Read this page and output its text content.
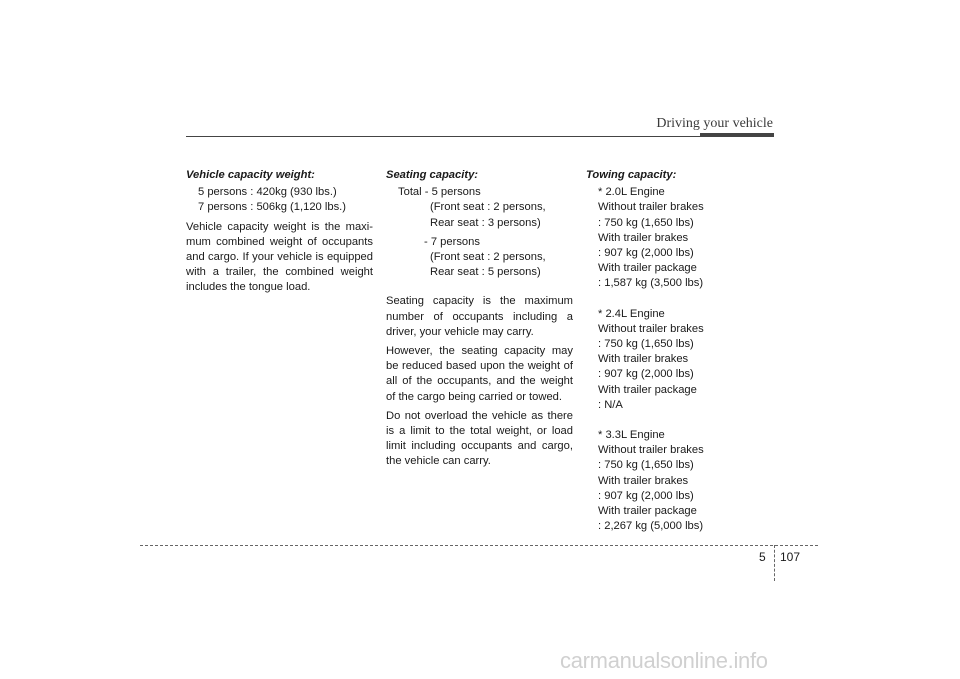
Driving your vehicle

Vehicle capacity weight:

5 persons : 420kg (930 lbs.)

7 persons : 506kg (1,120 lbs.)

Vehicle capacity weight is the maxi-mum combined weight of occupants and cargo. If your vehicle is equipped with a trailer, the combined weight includes the tongue load.

Seating capacity:

Total - 5 persons

(Front seat : 2 persons,

Rear seat : 3 persons)

- 7 persons

(Front seat : 2 persons,

Rear seat : 5 persons)

Seating capacity is the maximum number of occupants including a driver, your vehicle may carry.

However, the seating capacity may be reduced based upon the weight of all of the occupants, and the weight of the cargo being carried or towed.

Do not overload the vehicle as there is a limit to the total weight, or load limit including occupants and cargo, the vehicle can carry.

Towing capacity:

* 2.0L Engine

Without trailer brakes

: 750 kg (1,650 lbs)

With trailer brakes

: 907 kg (2,000 lbs)

With trailer package

: 1,587 kg (3,500 lbs)

* 2.4L Engine

Without trailer brakes

: 750 kg (1,650 lbs)

With trailer brakes

: 907 kg (2,000 lbs)

With trailer package

: N/A

* 3.3L Engine

Without trailer brakes

: 750 kg (1,650 lbs)

With trailer brakes

: 907 kg (2,000 lbs)

With trailer package

: 2,267 kg (5,000 lbs)

5 107
carmanualsonline.info
